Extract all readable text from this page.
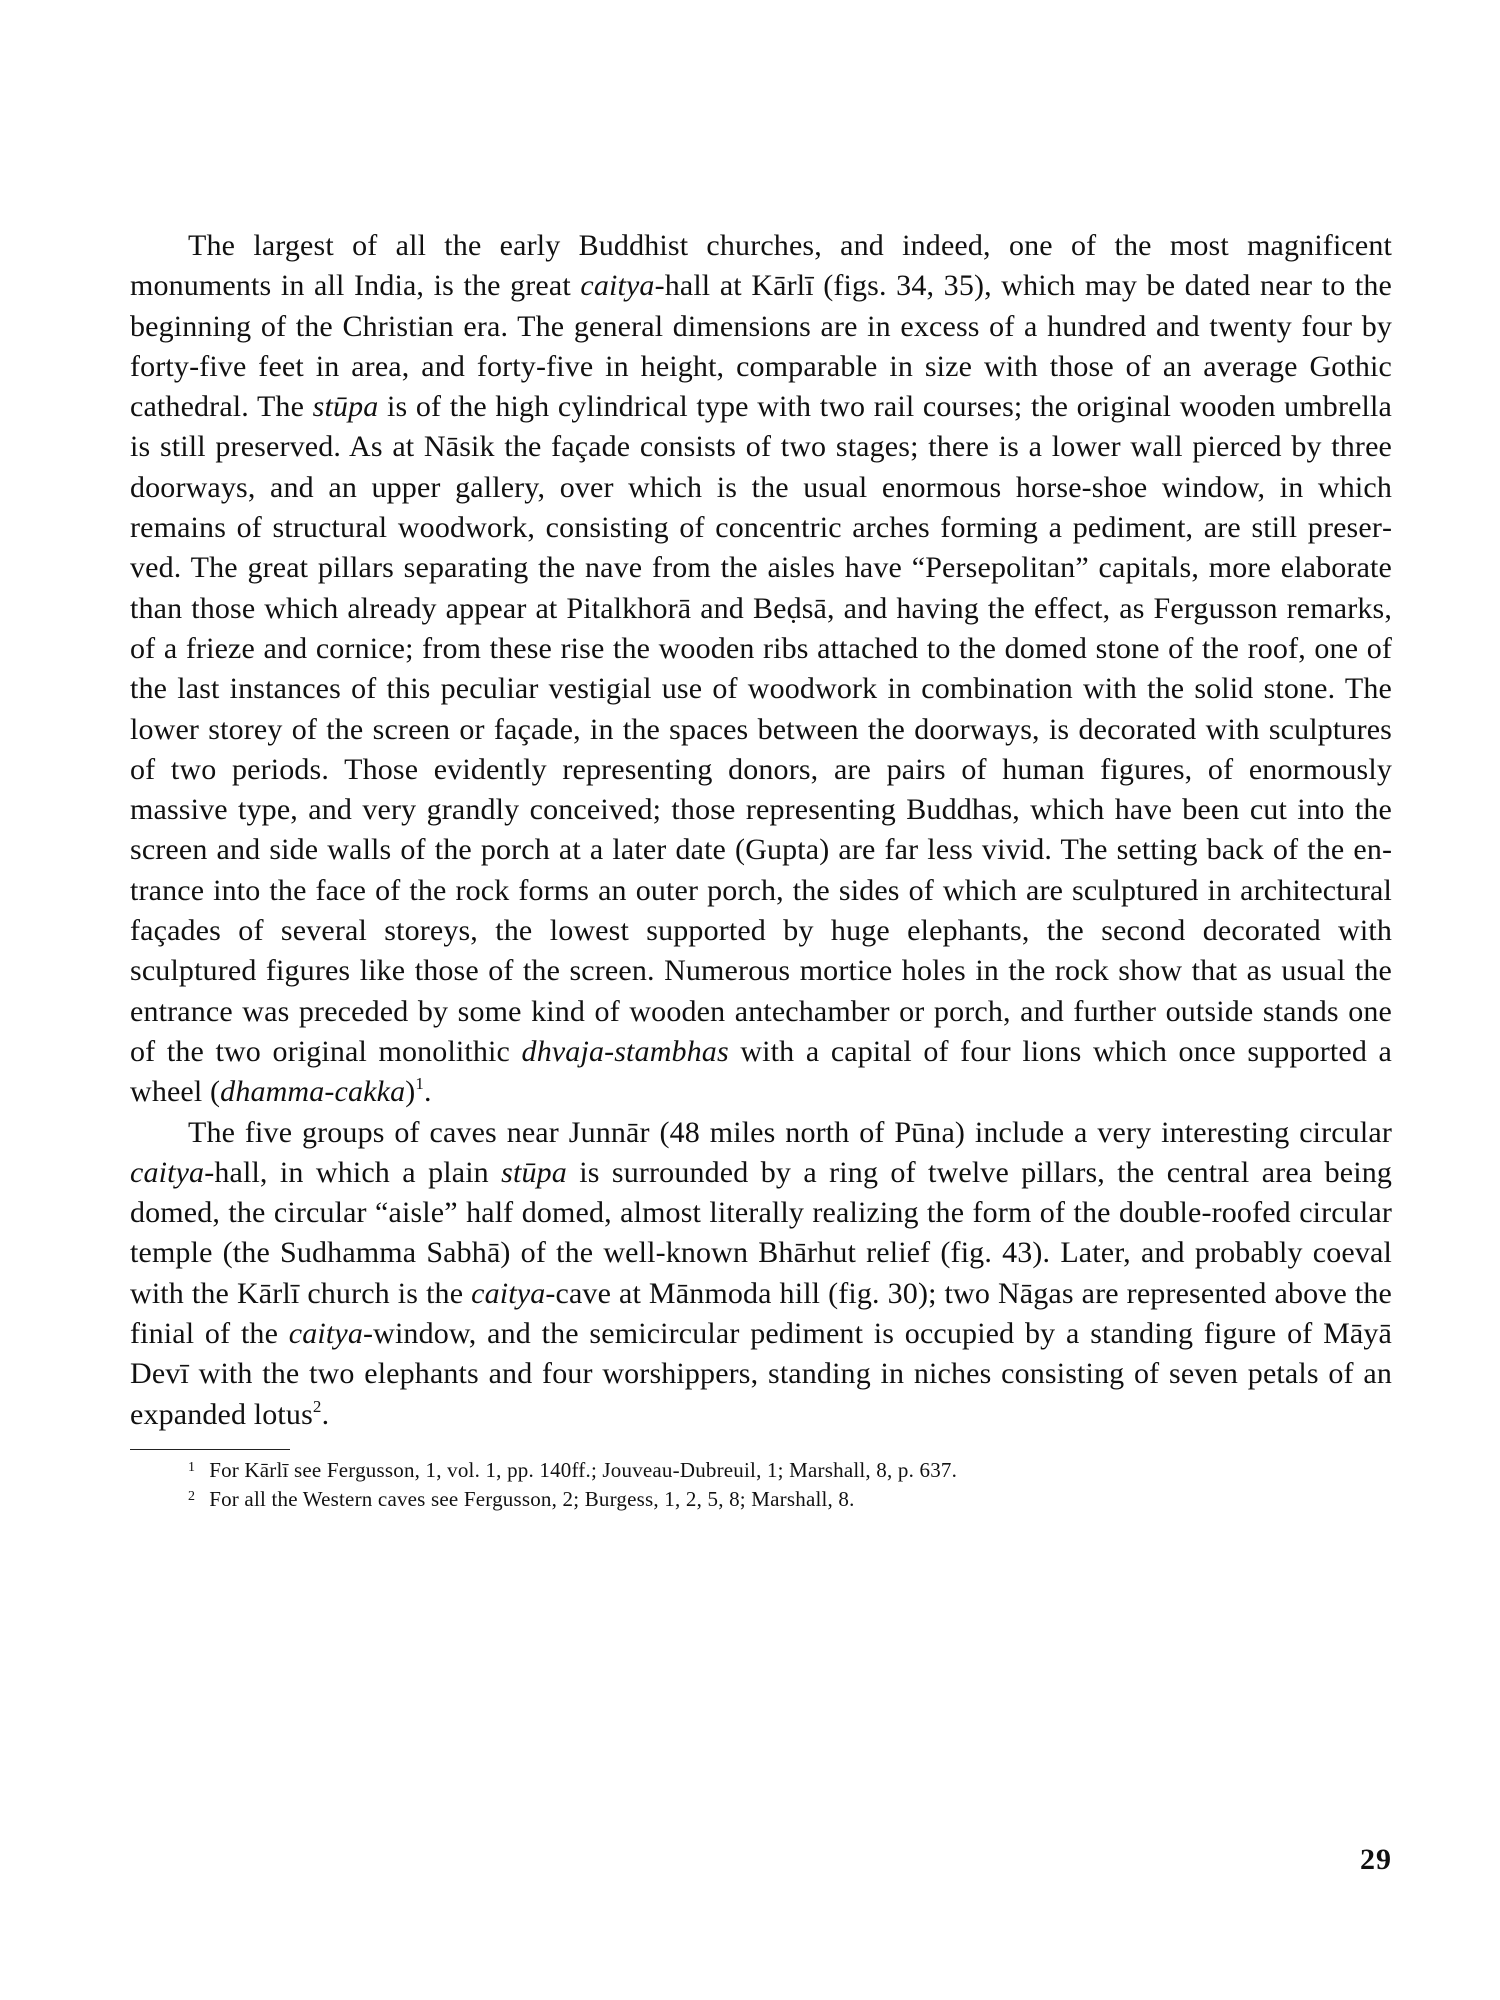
The largest of all the early Buddhist churches, and indeed, one of the most magnificent monuments in all India, is the great caitya-hall at Kārlī (figs. 34, 35), which may be dated near to the beginning of the Christian era. The general dimensions are in excess of a hundred and twenty four by forty-five feet in area, and forty-five in height, comparable in size with those of an average Gothic cathedral. The stūpa is of the high cylindrical type with two rail courses; the original wooden umbrella is still preserved. As at Nāsik the façade consists of two stages; there is a lower wall pierced by three doorways, and an upper gallery, over which is the usual enormous horse-shoe window, in which remains of structural woodwork, consisting of concentric arches forming a pediment, are still preserved. The great pillars separating the nave from the aisles have “Persepolitan” capitals, more elaborate than those which already appear at Pitalkhorā and Beḍsā, and having the effect, as Fergusson remarks, of a frieze and cornice; from these rise the wooden ribs attached to the domed stone of the roof, one of the last instances of this peculiar vestigial use of woodwork in combination with the solid stone. The lower storey of the screen or façade, in the spaces between the doorways, is decorated with sculptures of two periods. Those evidently representing donors, are pairs of human figures, of enormously massive type, and very grandly conceived; those representing Buddhas, which have been cut into the screen and side walls of the porch at a later date (Gupta) are far less vivid. The setting back of the entrance into the face of the rock forms an outer porch, the sides of which are sculptured in architectural façades of several storeys, the lowest supported by huge elephants, the second decorated with sculptured figures like those of the screen. Numerous mortice holes in the rock show that as usual the entrance was preceded by some kind of wooden antechamber or porch, and further outside stands one of the two original monolithic dhvaja-stambhas with a capital of four lions which once supported a wheel (dhamma-cakka)$^1$.

The five groups of caves near Junnār (48 miles north of Pūna) include a very interesting circular caitya-hall, in which a plain stūpa is surrounded by a ring of twelve pillars, the central area being domed, the circular “aisle” half domed, almost literally realizing the form of the double-roofed circular temple (the Sudhamma Sabhā) of the well-known Bhārhut relief (fig. 43). Later, and probably coeval with the Kārlī church is the caitya-cave at Mānmoda hill (fig. 30); two Nāgas are represented above the finial of the caitya-window, and the semicircular pediment is occupied by a standing figure of Māyā Devī with the two elephants and four worshippers, standing in niches consisting of seven petals of an expanded lotus$^2$.

$^1$ For Kārlī see Fergusson, 1, vol. 1, pp. 140ff.; Jouveau-Dubreuil, 1; Marshall, 8, p. 637.

$^2$ For all the Western caves see Fergusson, 2; Burgess, 1, 2, 5, 8; Marshall, 8.

29
